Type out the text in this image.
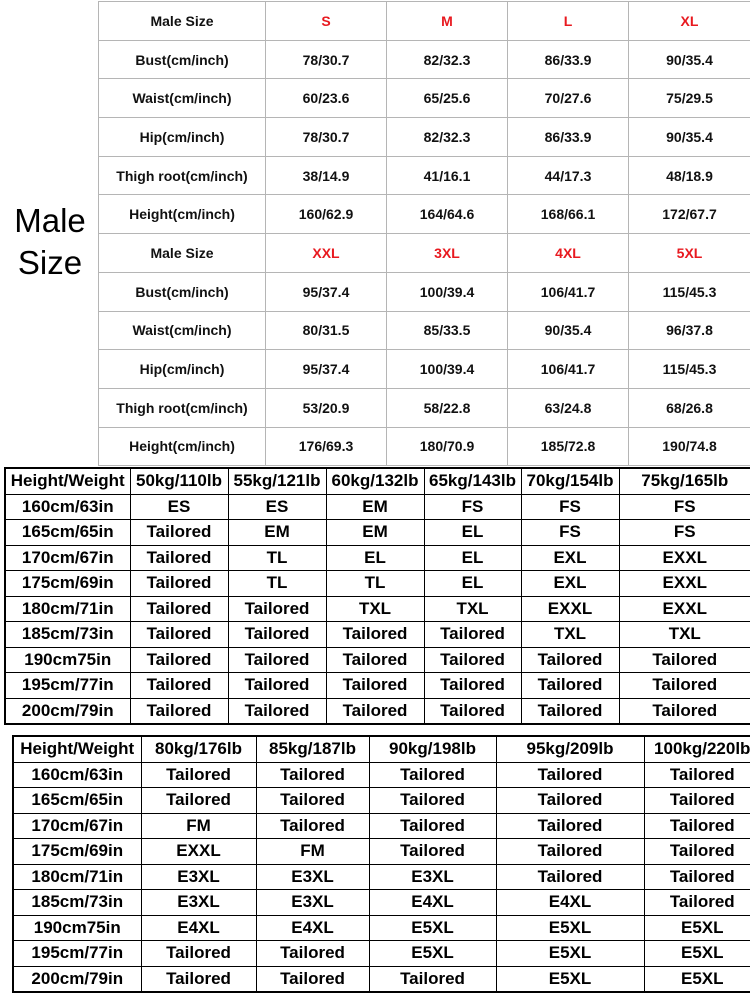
Male
Size
Male Size	S	M	L	XL
Bust(cm/inch)	78/30.7	82/32.3	86/33.9	90/35.4
Waist(cm/inch)	60/23.6	65/25.6	70/27.6	75/29.5
Hip(cm/inch)	78/30.7	82/32.3	86/33.9	90/35.4
Thigh root(cm/inch)	38/14.9	41/16.1	44/17.3	48/18.9
Height(cm/inch)	160/62.9	164/64.6	168/66.1	172/67.7
Male Size	XXL	3XL	4XL	5XL
Bust(cm/inch)	95/37.4	100/39.4	106/41.7	115/45.3
Waist(cm/inch)	80/31.5	85/33.5	90/35.4	96/37.8
Hip(cm/inch)	95/37.4	100/39.4	106/41.7	115/45.3
Thigh root(cm/inch)	53/20.9	58/22.8	63/24.8	68/26.8
Height(cm/inch)	176/69.3	180/70.9	185/72.8	190/74.8
Height/Weight	50kg/110lb	55kg/121lb	60kg/132lb	65kg/143lb	70kg/154lb	75kg/165lb
160cm/63in	ES	ES	EM	FS	FS	FS
165cm/65in	Tailored	EM	EM	EL	FS	FS
170cm/67in	Tailored	TL	EL	EL	EXL	EXXL
175cm/69in	Tailored	TL	TL	EL	EXL	EXXL
180cm/71in	Tailored	Tailored	TXL	TXL	EXXL	EXXL
185cm/73in	Tailored	Tailored	Tailored	Tailored	TXL	TXL
190cm75in	Tailored	Tailored	Tailored	Tailored	Tailored	Tailored
195cm/77in	Tailored	Tailored	Tailored	Tailored	Tailored	Tailored
200cm/79in	Tailored	Tailored	Tailored	Tailored	Tailored	Tailored
Height/Weight	80kg/176lb	85kg/187lb	90kg/198lb	95kg/209lb	100kg/220lb
160cm/63in	Tailored	Tailored	Tailored	Tailored	Tailored
165cm/65in	Tailored	Tailored	Tailored	Tailored	Tailored
170cm/67in	FM	Tailored	Tailored	Tailored	Tailored
175cm/69in	EXXL	FM	Tailored	Tailored	Tailored
180cm/71in	E3XL	E3XL	E3XL	Tailored	Tailored
185cm/73in	E3XL	E3XL	E4XL	E4XL	Tailored
190cm75in	E4XL	E4XL	E5XL	E5XL	E5XL
195cm/77in	Tailored	Tailored	E5XL	E5XL	E5XL
200cm/79in	Tailored	Tailored	Tailored	E5XL	E5XL
